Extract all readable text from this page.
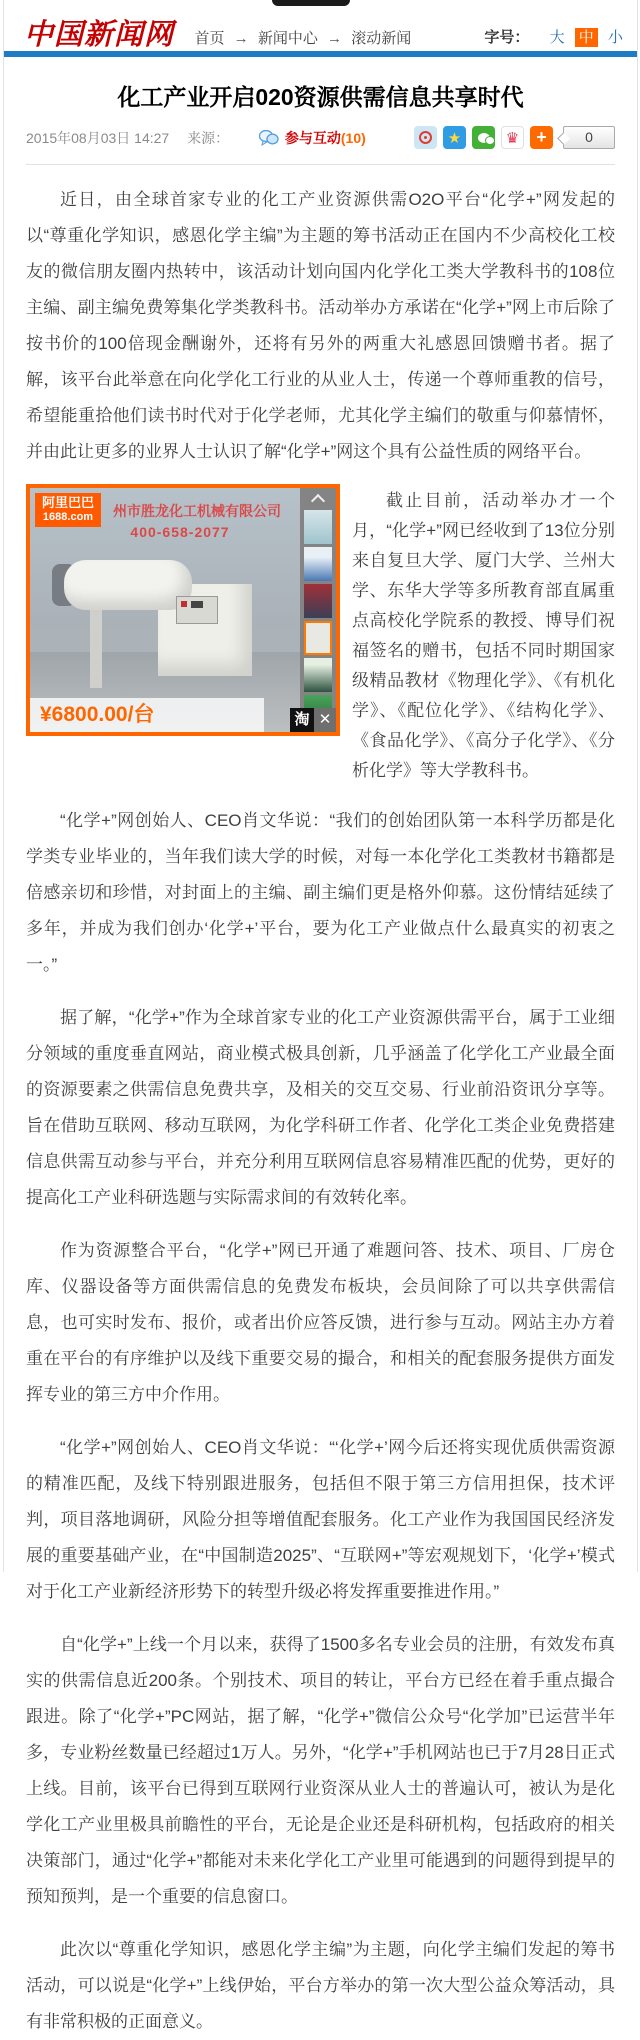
中国新闻网 首页 → 新闻中心 → 滚动新闻	字号： 大 中 小
化工产业开启020资源供需信息共享时代
2015年08月03日 14:27 来源：	参与互动(10)	★	♛ +	0

近日，由全球首家专业的化工产业资源供需O2O平台“化学+”网发起的以“尊重化学知识，感恩化学主编”为主题的筹书活动正在国内不少高校化工校友的微信朋友圈内热转中，该活动计划向国内化学化工类大学教科书的108位主编、副主编免费筹集化学类教科书。活动举办方承诺在“化学+”网上市后除了按书价的100倍现金酬谢外，还将有另外的两重大礼感恩回馈赠书者。据了解，该平台此举意在向化学化工行业的从业人士，传递一个尊师重教的信号，希望能重拾他们读书时代对于化学老师，尤其化学主编们的敬重与仰慕情怀，并由此让更多的业界人士认识了解“化学+”网这个具有公益性质的网络平台。

阿里巴巴
1688.com	州市胜龙化工机械有限公司
400-658-2077
¥6800.00/台	淘 ✕

截止目前，活动举办才一个月，“化学+”网已经收到了13位分别来自复旦大学、厦门大学、兰州大学、东华大学等多所教育部直属重点高校化学院系的教授、博导们祝福签名的赠书，包括不同时期国家级精品教材《物理化学》、《有机化学》、《配位化学》、《结构化学》、《食品化学》、《高分子化学》、《分析化学》等大学教科书。

“化学+”网创始人、CEO肖文华说：“我们的创始团队第一本科学历都是化学类专业毕业的，当年我们读大学的时候，对每一本化学化工类教材书籍都是倍感亲切和珍惜，对封面上的主编、副主编们更是格外仰慕。这份情结延续了多年，并成为我们创办‘化学+’平台，要为化工产业做点什么最真实的初衷之一。”

据了解，“化学+”作为全球首家专业的化工产业资源供需平台，属于工业细分领域的重度垂直网站，商业模式极具创新，几乎涵盖了化学化工产业最全面的资源要素之供需信息免费共享，及相关的交互交易、行业前沿资讯分享等。旨在借助互联网、移动互联网，为化学科研工作者、化学化工类企业免费搭建信息供需互动参与平台，并充分利用互联网信息容易精准匹配的优势，更好的提高化工产业科研选题与实际需求间的有效转化率。

作为资源整合平台，“化学+”网已开通了难题问答、技术、项目、厂房仓库、仪器设备等方面供需信息的免费发布板块，会员间除了可以共享供需信息，也可实时发布、报价，或者出价应答反馈，进行参与互动。网站主办方着重在平台的有序维护以及线下重要交易的撮合，和相关的配套服务提供方面发挥专业的第三方中介作用。

“化学+”网创始人、CEO肖文华说：“‘化学+’网今后还将实现优质供需资源的精准匹配，及线下特别跟进服务，包括但不限于第三方信用担保，技术评判，项目落地调研，风险分担等增值配套服务。化工产业作为我国国民经济发展的重要基础产业，在“中国制造2025”、“互联网+”等宏观规划下，‘化学+’模式对于化工产业新经济形势下的转型升级必将发挥重要推进作用。”

自“化学+”上线一个月以来，获得了1500多名专业会员的注册，有效发布真实的供需信息近200条。个别技术、项目的转让，平台方已经在着手重点撮合跟进。除了“化学+”PC网站，据了解，“化学+”微信公众号“化学加”已运营半年多，专业粉丝数量已经超过1万人。另外，“化学+”手机网站也已于7月28日正式上线。目前，该平台已得到互联网行业资深从业人士的普遍认可，被认为是化学化工产业里极具前瞻性的平台，无论是企业还是科研机构，包括政府的相关决策部门，通过“化学+”都能对未来化学化工产业里可能遇到的问题得到提早的预知预判，是一个重要的信息窗口。

此次以“尊重化学知识，感恩化学主编”为主题，向化学主编们发起的筹书活动，可以说是“化学+”上线伊始，平台方举办的第一次大型公益众筹活动，具有非常积极的正面意义。
